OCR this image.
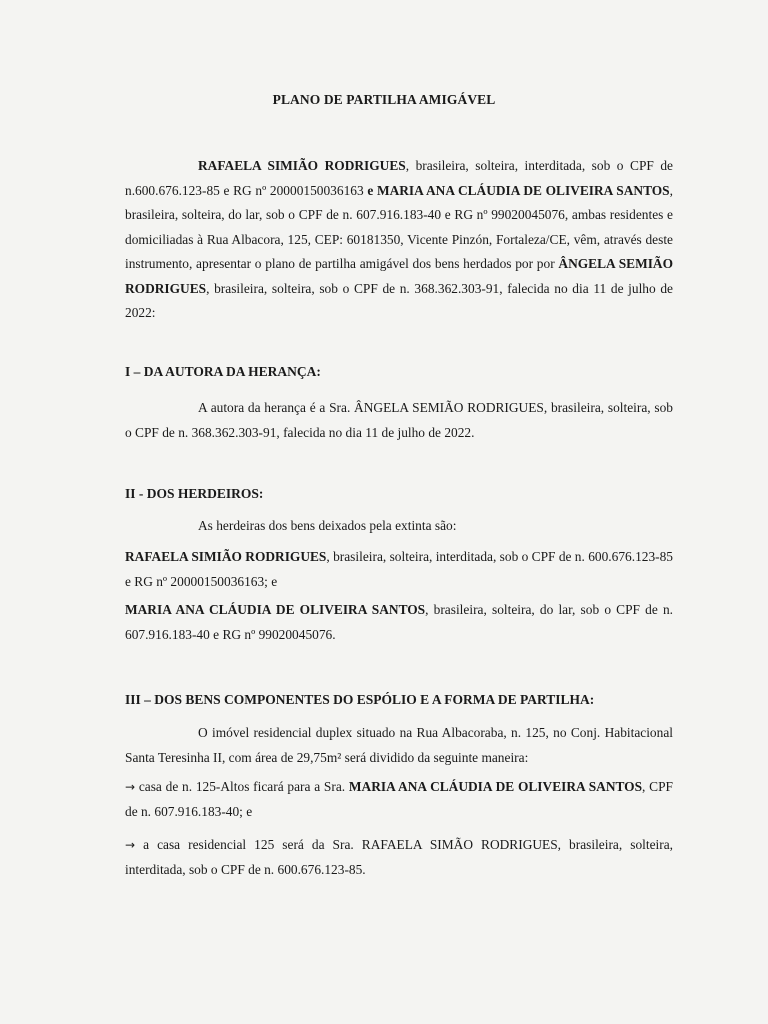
PLANO DE PARTILHA AMIGÁVEL
RAFAELA SIMIÃO RODRIGUES, brasileira, solteira, interditada, sob o CPF de n.600.676.123-85 e RG nº 20000150036163 e MARIA ANA CLÁUDIA DE OLIVEIRA SANTOS, brasileira, solteira, do lar, sob o CPF de n. 607.916.183-40 e RG nº 99020045076, ambas residentes e domiciliadas à Rua Albacora, 125, CEP: 60181350, Vicente Pinzón, Fortaleza/CE, vêm, através deste instrumento, apresentar o plano de partilha amigável dos bens herdados por por ÂNGELA SEMIÃO RODRIGUES, brasileira, solteira, sob o CPF de n. 368.362.303-91, falecida no dia 11 de julho de 2022:
I – DA AUTORA DA HERANÇA:
A autora da herança é a Sra. ÂNGELA SEMIÃO RODRIGUES, brasileira, solteira, sob o CPF de n. 368.362.303-91, falecida no dia 11 de julho de 2022.
II - DOS HERDEIROS:
As herdeiras dos bens deixados pela extinta são:
RAFAELA SIMIÃO RODRIGUES, brasileira, solteira, interditada, sob o CPF de n. 600.676.123-85 e RG nº 20000150036163; e
MARIA ANA CLÁUDIA DE OLIVEIRA SANTOS, brasileira, solteira, do lar, sob o CPF de n. 607.916.183-40 e RG nº 99020045076.
III – DOS BENS COMPONENTES DO ESPÓLIO E A FORMA DE PARTILHA:
O imóvel residencial duplex situado na Rua Albacoraba, n. 125, no Conj. Habitacional Santa Teresinha II, com área de 29,75m² será dividido da seguinte maneira:
→ casa de n. 125-Altos ficará para a Sra. MARIA ANA CLÁUDIA DE OLIVEIRA SANTOS, CPF de n. 607.916.183-40; e
→ a casa residencial 125 será da Sra. RAFAELA SIMÃO RODRIGUES, brasileira, solteira, interditada, sob o CPF de n. 600.676.123-85.
